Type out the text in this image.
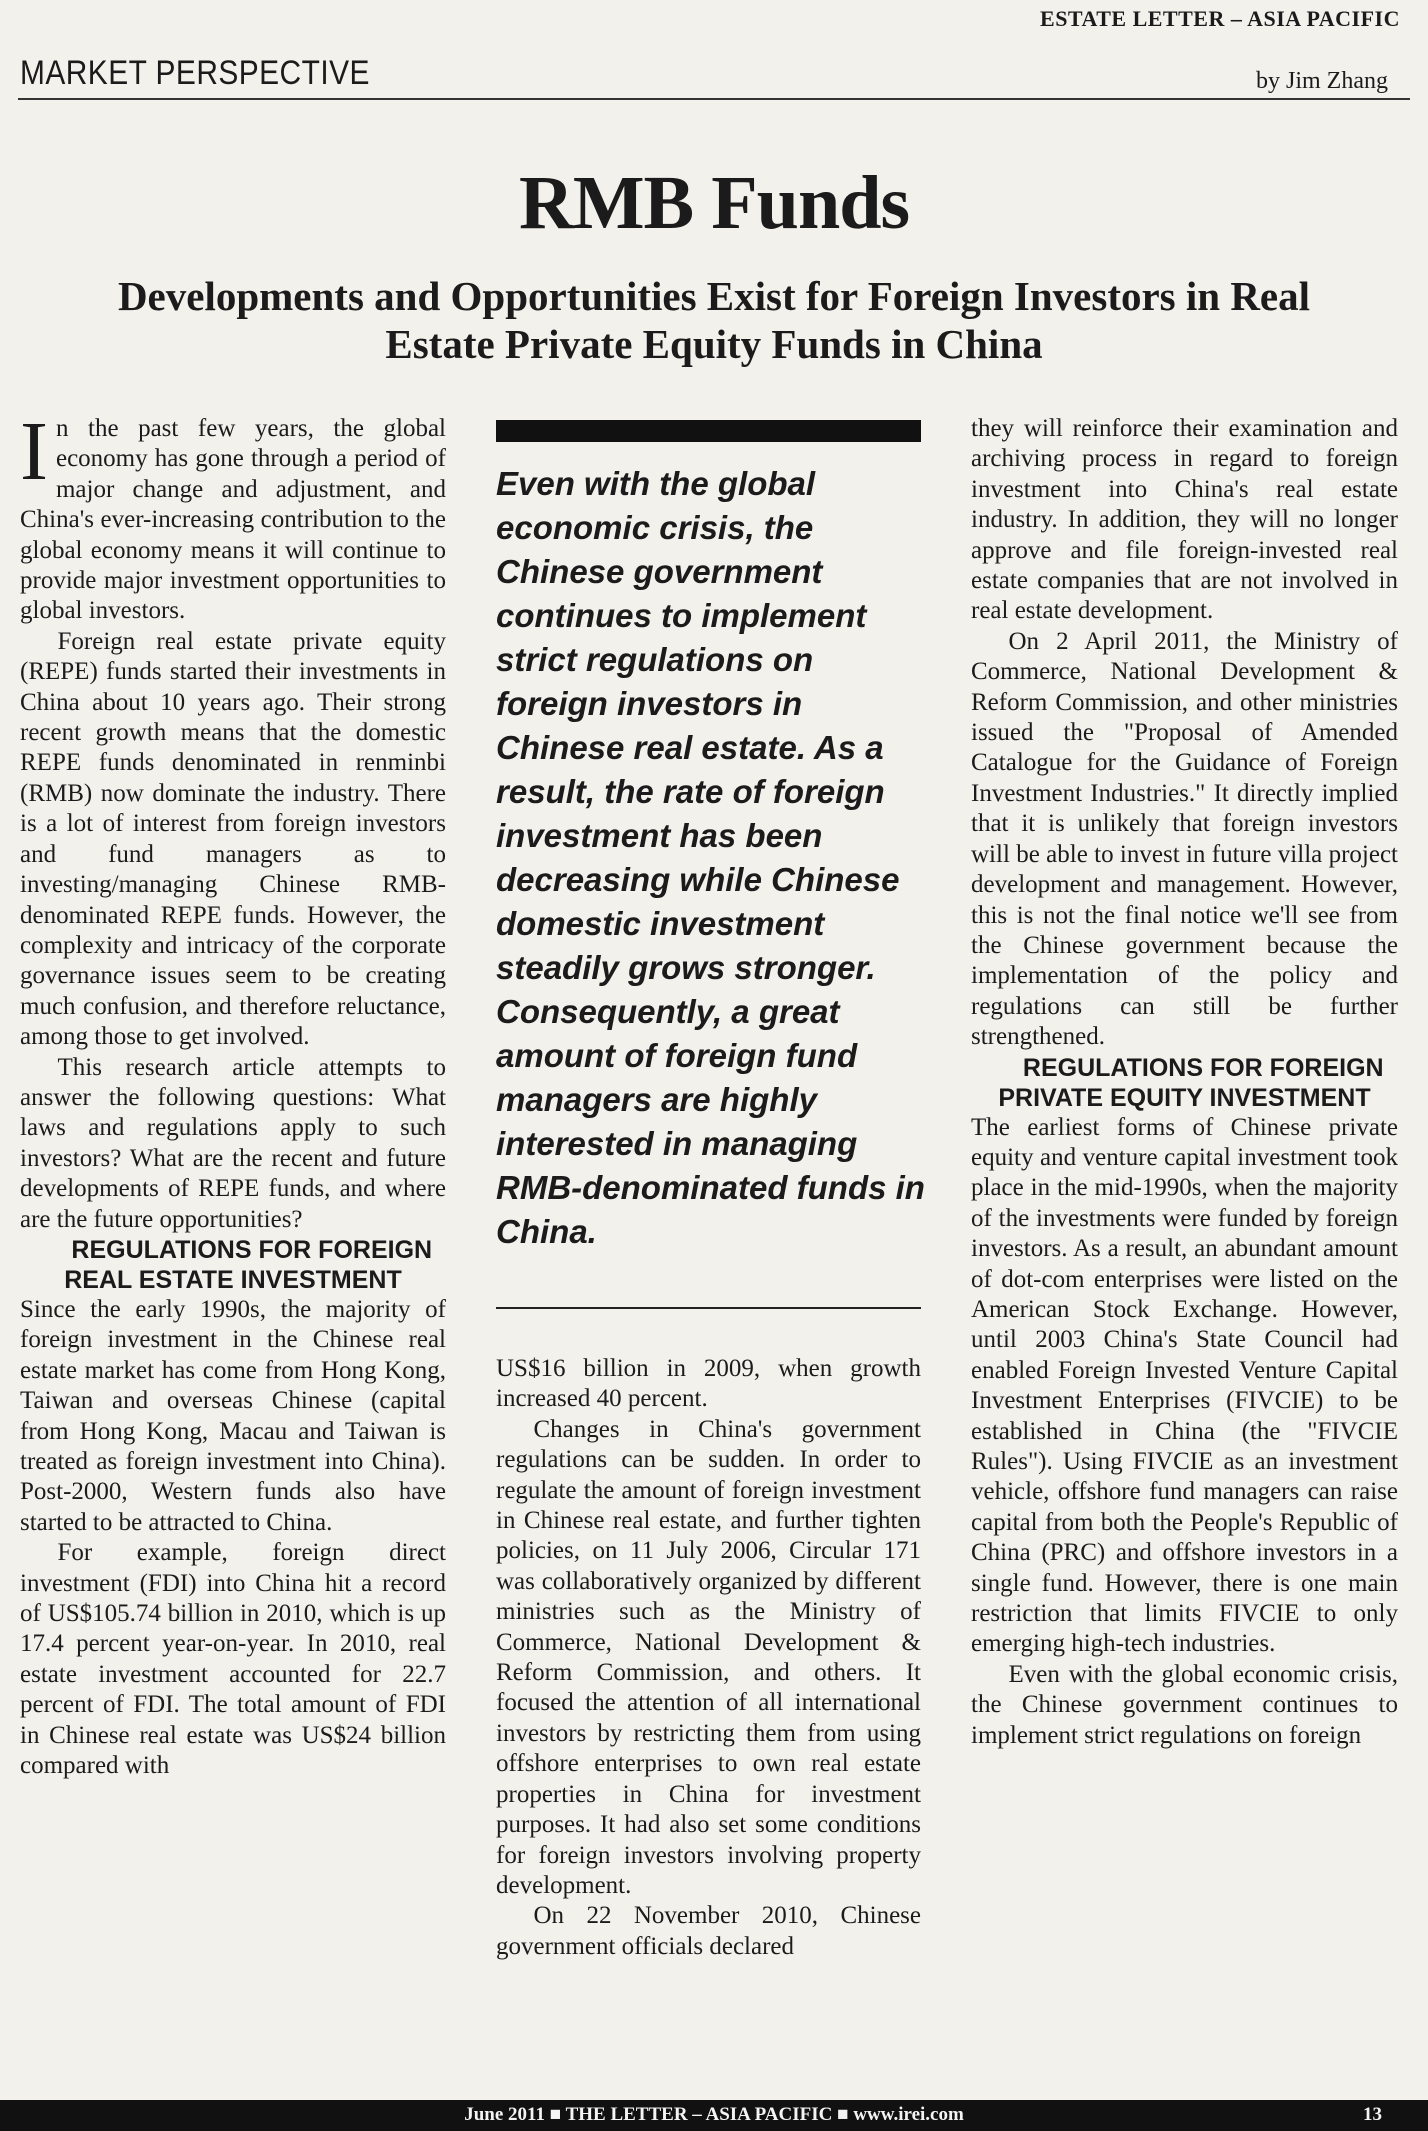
ESTATE LETTER – ASIA PACIFIC
MARKET PERSPECTIVE	by Jim Zhang
RMB Funds
Developments and Opportunities Exist for Foreign Investors in Real Estate Private Equity Funds in China

In the past few years, the global economy has gone through a period of major change and adjustment, and China's ever-increasing contribution to the global economy means it will continue to provide major investment opportunities to global investors.

Foreign real estate private equity (REPE) funds started their investments in China about 10 years ago. Their strong recent growth means that the domestic REPE funds denominated in renminbi (RMB) now dominate the industry. There is a lot of interest from foreign investors and fund managers as to investing/managing Chinese RMB-denominated REPE funds. However, the complexity and intricacy of the corporate governance issues seem to be creating much confusion, and therefore reluctance, among those to get involved.

This research article attempts to answer the following questions: What laws and regulations apply to such investors? What are the recent and future developments of REPE funds, and where are the future opportunities?

REGULATIONS FOR FOREIGN REAL ESTATE INVESTMENT

Since the early 1990s, the majority of foreign investment in the Chinese real estate market has come from Hong Kong, Taiwan and overseas Chinese (capital from Hong Kong, Macau and Taiwan is treated as foreign investment into China). Post-2000, Western funds also have started to be attracted to China.

For example, foreign direct investment (FDI) into China hit a record of US$105.74 billion in 2010, which is up 17.4 percent year-on-year. In 2010, real estate investment accounted for 22.7 percent of FDI. The total amount of FDI in Chinese real estate was US$24 billion compared with

Even with the global economic crisis, the Chinese government continues to implement strict regulations on foreign investors in Chinese real estate. As a result, the rate of foreign investment has been decreasing while Chinese domestic investment steadily grows stronger. Consequently, a great amount of foreign fund managers are highly interested in managing RMB-denominated funds in China.

US$16 billion in 2009, when growth increased 40 percent.

Changes in China's government regulations can be sudden. In order to regulate the amount of foreign investment in Chinese real estate, and further tighten policies, on 11 July 2006, Circular 171 was collaboratively organized by different ministries such as the Ministry of Commerce, National Development & Reform Commission, and others. It focused the attention of all international investors by restricting them from using offshore enterprises to own real estate properties in China for investment purposes. It had also set some conditions for foreign investors involving property development.

On 22 November 2010, Chinese government officials declared

they will reinforce their examination and archiving process in regard to foreign investment into China's real estate industry. In addition, they will no longer approve and file foreign-invested real estate companies that are not involved in real estate development.

On 2 April 2011, the Ministry of Commerce, National Development & Reform Commission, and other ministries issued the "Proposal of Amended Catalogue for the Guidance of Foreign Investment Industries." It directly implied that it is unlikely that foreign investors will be able to invest in future villa project development and management. However, this is not the final notice we'll see from the Chinese government because the implementation of the policy and regulations can still be further strengthened.

REGULATIONS FOR FOREIGN PRIVATE EQUITY INVESTMENT

The earliest forms of Chinese private equity and venture capital investment took place in the mid-1990s, when the majority of the investments were funded by foreign investors. As a result, an abundant amount of dot-com enterprises were listed on the American Stock Exchange. However, until 2003 China's State Council had enabled Foreign Invested Venture Capital Investment Enterprises (FIVCIE) to be established in China (the "FIVCIE Rules"). Using FIVCIE as an investment vehicle, offshore fund managers can raise capital from both the People's Republic of China (PRC) and offshore investors in a single fund. However, there is one main restriction that limits FIVCIE to only emerging high-tech industries.

Even with the global economic crisis, the Chinese government continues to implement strict regulations on foreign

June 2011 ■ THE LETTER – ASIA PACIFIC ■ www.irei.com	13
